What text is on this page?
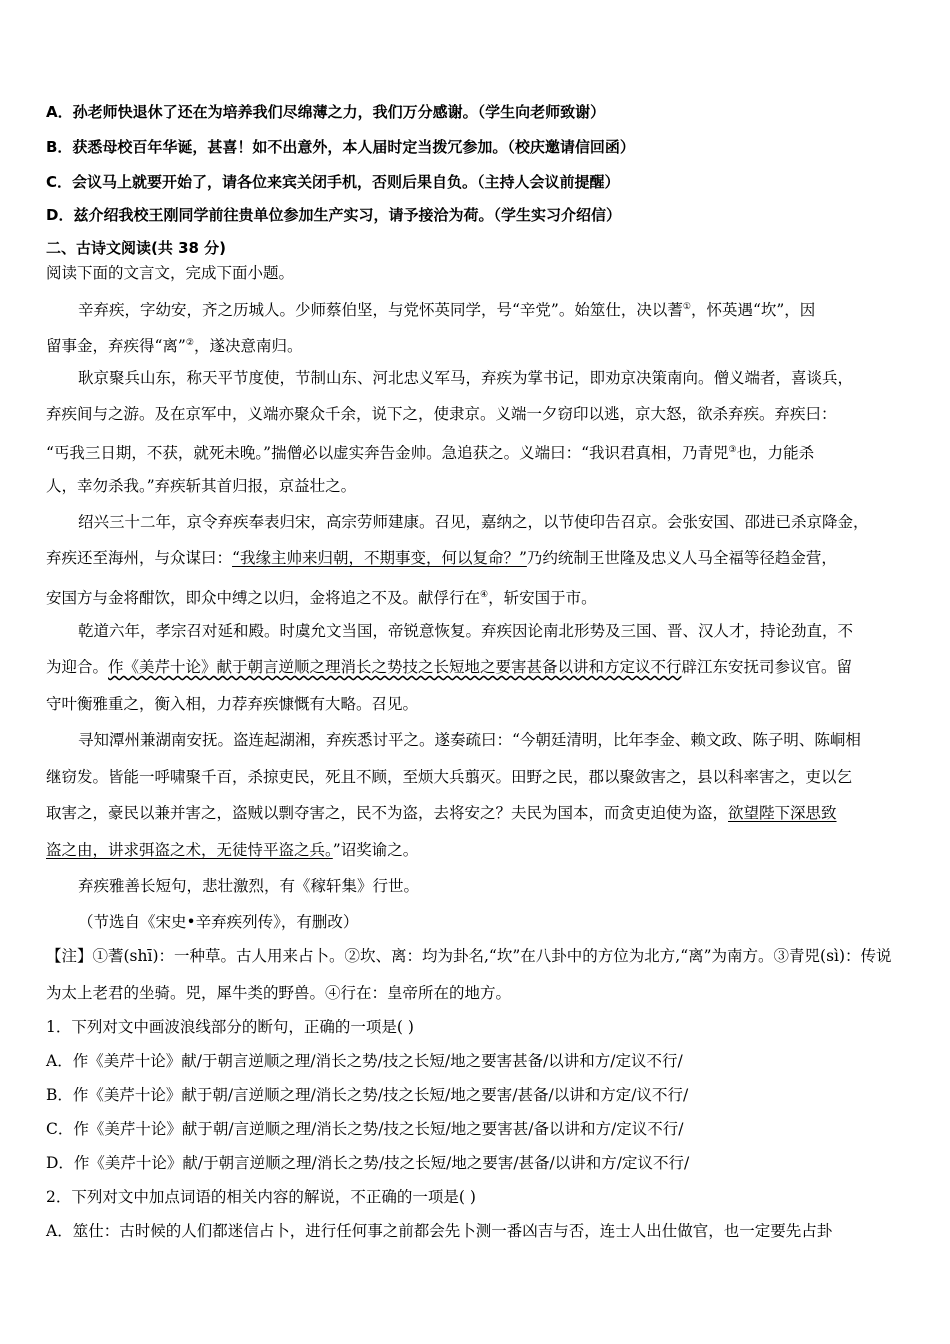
A．孙老师快退休了还在为培养我们尽绵薄之力，我们万分感谢。（学生向老师致谢）
B．获悉母校百年华诞，甚喜！如不出意外，本人届时定当拨冗参加。（校庆邀请信回函）
C．会议马上就要开始了，请各位来宾关闭手机，否则后果自负。（主持人会议前提醒）
D．兹介绍我校王刚同学前往贵单位参加生产实习，请予接洽为荷。（学生实习介绍信）
二、古诗文阅读(共 38 分)
阅读下面的文言文，完成下面小题。
辛弃疾，字幼安，齐之历城人。少师蔡伯坚，与党怀英同学，号“辛党”。始筮仕，决以蓍①，怀英遇“坎”，因
留事金，弃疾得“离”②，遂决意南归。
耿京聚兵山东，称天平节度使，节制山东、河北忠义军马，弃疾为掌书记，即劝京决策南向。僧义端者，喜谈兵，
弃疾间与之游。及在京军中，义端亦聚众千余，说下之，使隶京。义端一夕窃印以逃，京大怒，欲杀弃疾。弃疾曰：
“丐我三日期，不获，就死未晚。”揣僧必以虚实奔告金帅。急追获之。义端曰：“我识君真相，乃青兕③也，力能杀
人，幸勿杀我。”弃疾斩其首归报，京益壮之。
绍兴三十二年，京令弃疾奉表归宋，高宗劳师建康。召见，嘉纳之，以节使印告召京。会张安国、邵进已杀京降金，
弃疾还至海州，与众谋曰：“我缘主帅来归朝，不期事变，何以复命？”乃约统制王世隆及忠义人马全福等径趋金营，
安国方与金将酣饮，即众中缚之以归，金将追之不及。献俘行在④，斩安国于市。
乾道六年，孝宗召对延和殿。时虞允文当国，帝锐意恢复。弃疾因论南北形势及三国、晋、汉人才，持论劲直，不
为迎合。作《美芹十论》献于朝言逆顺之理消长之势技之长短地之要害甚备以讲和方定议不行辟江东安抚司参议官。留
守叶衡雅重之，衡入相，力荐弃疾慷慨有大略。召见。
寻知潭州兼湖南安抚。盗连起湖湘，弃疾悉讨平之。遂奏疏曰：“今朝廷清明，比年李金、赖文政、陈子明、陈峒相
继窃发。皆能一呼啸聚千百，杀掠吏民，死且不顾，至烦大兵翦灭。田野之民，郡以聚敛害之，县以科率害之，吏以乞
取害之，豪民以兼并害之，盗贼以剽夺害之，民不为盗，去将安之？夫民为国本，而贪吏迫使为盗，欲望陛下深思致
盗之由，讲求弭盗之术，无徒恃平盗之兵。”诏奖谕之。
弃疾雅善长短句，悲壮激烈，有《稼轩集》行世。
（节选自《宋史•辛弃疾列传》，有删改）
【注】①蓍(shī)：一种草。古人用来占卜。②坎、离：均为卦名,“坎”在八卦中的方位为北方,“离”为南方。③青兕(sì)：传说
为太上老君的坐骑。兕，犀牛类的野兽。④行在：皇帝所在的地方。
1．下列对文中画波浪线部分的断句，正确的一项是( )
A．作《美芹十论》献/于朝言逆顺之理/消长之势/技之长短/地之要害甚备/以讲和方/定议不行/
B．作《美芹十论》献于朝/言逆顺之理/消长之势/技之长短/地之要害/甚备/以讲和方定/议不行/
C．作《美芹十论》献于朝/言逆顺之理/消长之势/技之长短/地之要害甚/备以讲和方/定议不行/
D．作《美芹十论》献/于朝言逆顺之理/消长之势/技之长短/地之要害/甚备/以讲和方/定议不行/
2．下列对文中加点词语的相关内容的解说，不正确的一项是( )
A．筮仕：古时候的人们都迷信占卜，进行任何事之前都会先卜测一番凶吉与否，连士人出仕做官，也一定要先占卦
